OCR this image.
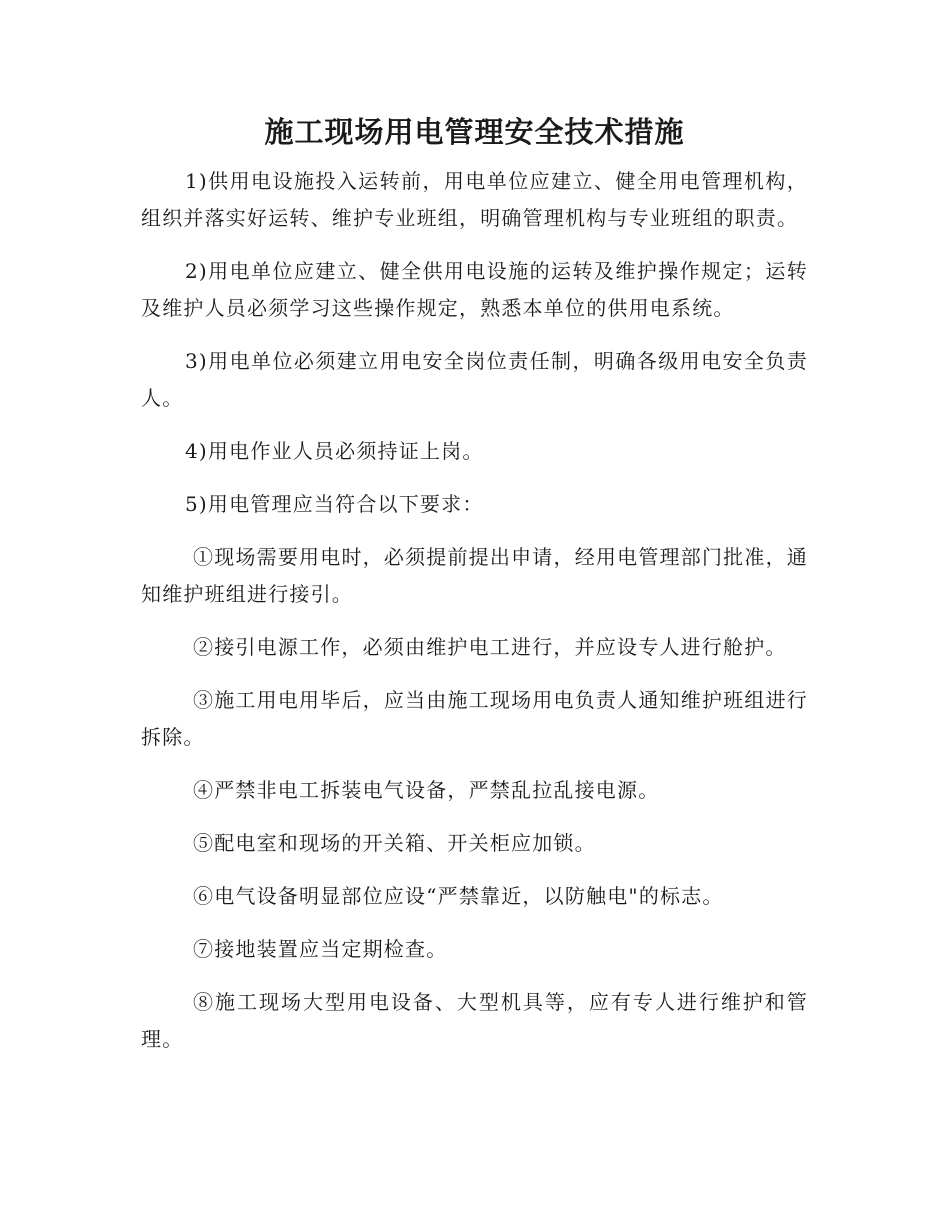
施工现场用电管理安全技术措施

1)供用电设施投入运转前，用电单位应建立、健全用电管理机构，组织并落实好运转、维护专业班组，明确管理机构与专业班组的职责。

2)用电单位应建立、健全供用电设施的运转及维护操作规定；运转及维护人员必须学习这些操作规定，熟悉本单位的供用电系统。

3)用电单位必须建立用电安全岗位责任制，明确各级用电安全负责人。

4)用电作业人员必须持证上岗。

5)用电管理应当符合以下要求：

①现场需要用电时，必须提前提出申请，经用电管理部门批准，通知维护班组进行接引。

②接引电源工作，必须由维护电工进行，并应设专人进行舱护。

③施工用电用毕后，应当由施工现场用电负责人通知维护班组进行拆除。

④严禁非电工拆装电气设备，严禁乱拉乱接电源。

⑤配电室和现场的开关箱、开关柜应加锁。

⑥电气设备明显部位应设“严禁靠近，以防触电"的标志。

⑦接地装置应当定期检查。

⑧施工现场大型用电设备、大型机具等，应有专人进行维护和管理。
